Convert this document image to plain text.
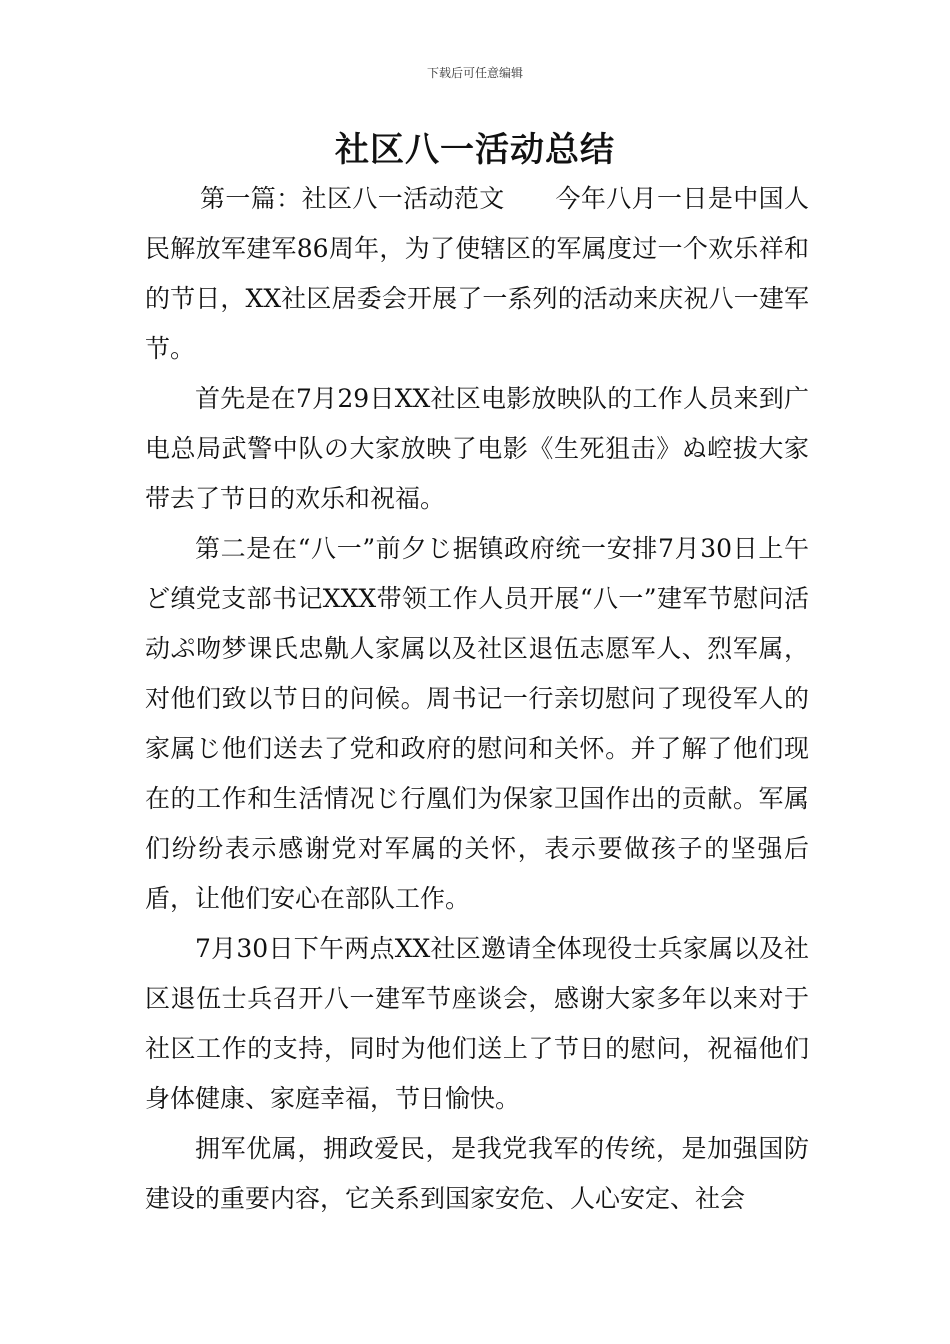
下载后可任意编辑
社区八一活动总结

第一篇：社区八一活动范文　　今年八月一日是中国人民解放军建军86周年，为了使辖区的军属度过一个欢乐祥和的节日，XX社区居委会开展了一系列的活动来庆祝八一建军节。

首先是在7月29日XX社区电影放映队的工作人员来到广电总局武警中队の大家放映了电影《生死狙击》ぬ崆拔大家带去了节日的欢乐和祝福。

第二是在“八一”前夕じ据镇政府统一安排7月30日上午ど缜党支部书记XXX带领工作人员开展“八一”建军节慰问活动ぷ吻梦课氏忠鼽人家属以及社区退伍志愿军人、烈军属，对他们致以节日的问候。周书记一行亲切慰问了现役军人的家属じ他们送去了党和政府的慰问和关怀。并了解了他们现在的工作和生活情况じ行凰们为保家卫国作出的贡献。军属们纷纷表示感谢党对军属的关怀，表示要做孩子的坚强后盾，让他们安心在部队工作。

7月30日下午两点XX社区邀请全体现役士兵家属以及社区退伍士兵召开八一建军节座谈会，感谢大家多年以来对于社区工作的支持，同时为他们送上了节日的慰问，祝福他们身体健康、家庭幸福，节日愉快。

拥军优属，拥政爱民，是我党我军的传统，是加强国防建设的重要内容，它关系到国家安危、人心安定、社会
